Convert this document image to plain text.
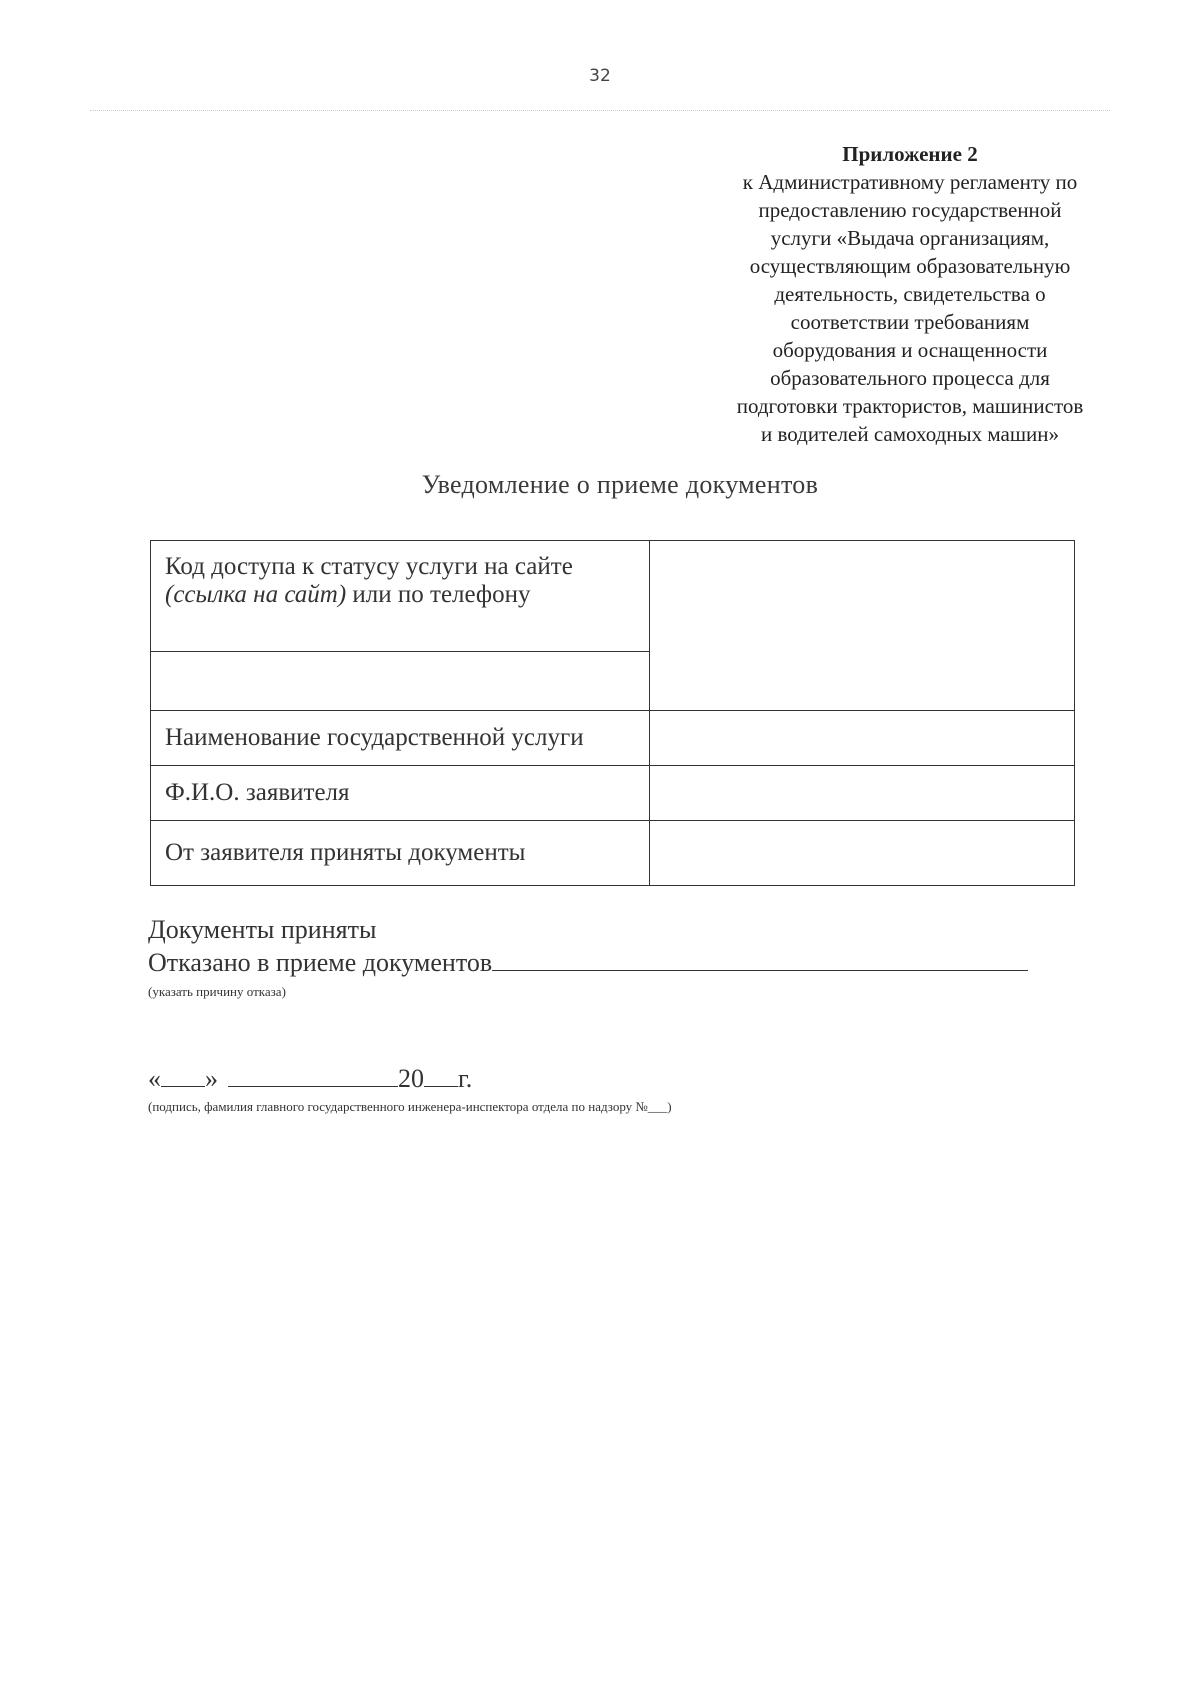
32
Приложение 2
к Административному регламенту по
предоставлению государственной
услуги «Выдача организациям,
осуществляющим образовательную
деятельность, свидетельства о
соответствии требованиям
оборудования и оснащенности
образовательного процесса для
подготовки трактористов, машинистов
и водителей самоходных машин»
Уведомление о приеме документов
Код доступа к статусу услуги на сайте
(ссылка на сайт) или по телефону	

Наименование государственной услуги	
Ф.И.О. заявителя	
От заявителя приняты документы	
Документы приняты
Отказано в приеме документов
(указать причину отказа)
« »	20 г.
(подпись, фамилия главного государственного инженера-инспектора отдела по надзору №___)
